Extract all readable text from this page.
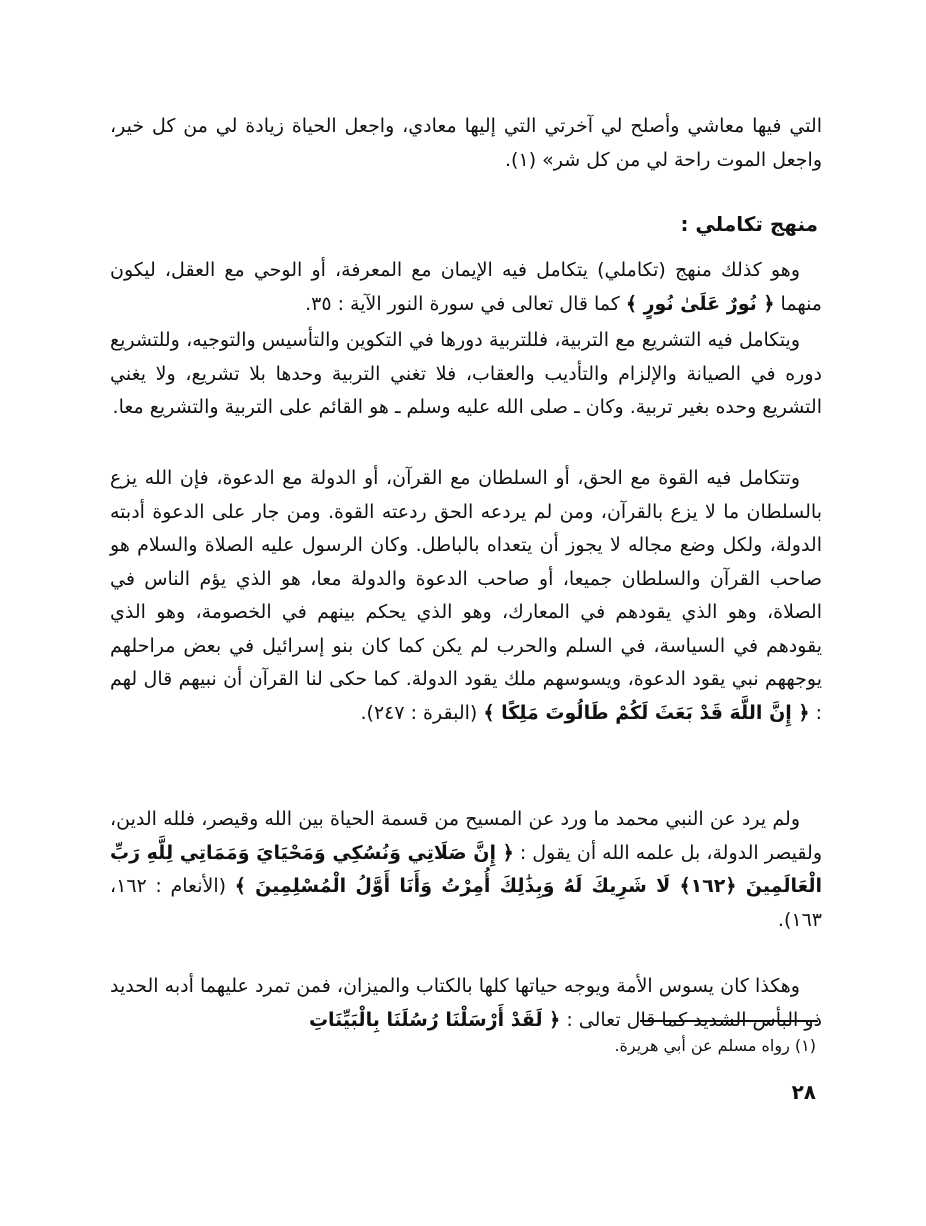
التي فيها معاشي وأصلح لي آخرتي التي إليها معادي، واجعل الحياة زيادة لي من كل خير، واجعل الموت راحة لي من كل شر» (١).

منهج تكاملي :

وهو كذلك منهج (تكاملي) يتكامل فيه الإيمان مع المعرفة، أو الوحي مع العقل، ليكون منهما ﴿ نُورٌ عَلَىٰ نُورٍ ﴾ كما قال تعالى في سورة النور الآية : ٣٥.

ويتكامل فيه التشريع مع التربية، فللتربية دورها في التكوين والتأسيس والتوجيه، وللتشريع دوره في الصيانة والإلزام والتأديب والعقاب، فلا تغني التربية وحدها بلا تشريع، ولا يغني التشريع وحده بغير تربية. وكان ـ صلى الله عليه وسلم ـ هو القائم على التربية والتشريع معا.

وتتكامل فيه القوة مع الحق، أو السلطان مع القرآن، أو الدولة مع الدعوة، فإن الله يزع بالسلطان ما لا يزع بالقرآن، ومن لم يردعه الحق ردعته القوة. ومن جار على الدعوة أدبته الدولة، ولكل وضع مجاله لا يجوز أن يتعداه بالباطل. وكان الرسول عليه الصلاة والسلام هو صاحب القرآن والسلطان جميعا، أو صاحب الدعوة والدولة معا، هو الذي يؤم الناس في الصلاة، وهو الذي يقودهم في المعارك، وهو الذي يحكم بينهم في الخصومة، وهو الذي يقودهم في السياسة، في السلم والحرب لم يكن كما كان بنو إسرائيل في بعض مراحلهم يوجههم نبي يقود الدعوة، ويسوسهم ملك يقود الدولة. كما حكى لنا القرآن أن نبيهم قال لهم : ﴿ إِنَّ اللَّهَ قَدْ بَعَثَ لَكُمْ طَالُوتَ مَلِكًا ﴾ (البقرة : ٢٤٧).

ولم يرد عن النبي محمد ما ورد عن المسيح من قسمة الحياة بين الله وقيصر، فلله الدين، ولقيصر الدولة، بل علمه الله أن يقول : ﴿ إِنَّ صَلَاتِي وَنُسُكِي وَمَحْيَايَ وَمَمَاتِي لِلَّهِ رَبِّ الْعَالَمِينَ ﴿١٦٢﴾ لَا شَرِيكَ لَهُ وَبِذَٰلِكَ أُمِرْتُ وَأَنَا أَوَّلُ الْمُسْلِمِينَ ﴾ (الأنعام : ١٦٢، ١٦٣).

وهكذا كان يسوس الأمة ويوجه حياتها كلها بالكتاب والميزان، فمن تمرد عليهما أدبه الحديد ذو البأس الشديد كما قال تعالى : ﴿ لَقَدْ أَرْسَلْنَا رُسُلَنَا بِالْبَيِّنَاتِ

(١) رواه مسلم عن أبي هريرة.
٢٨
